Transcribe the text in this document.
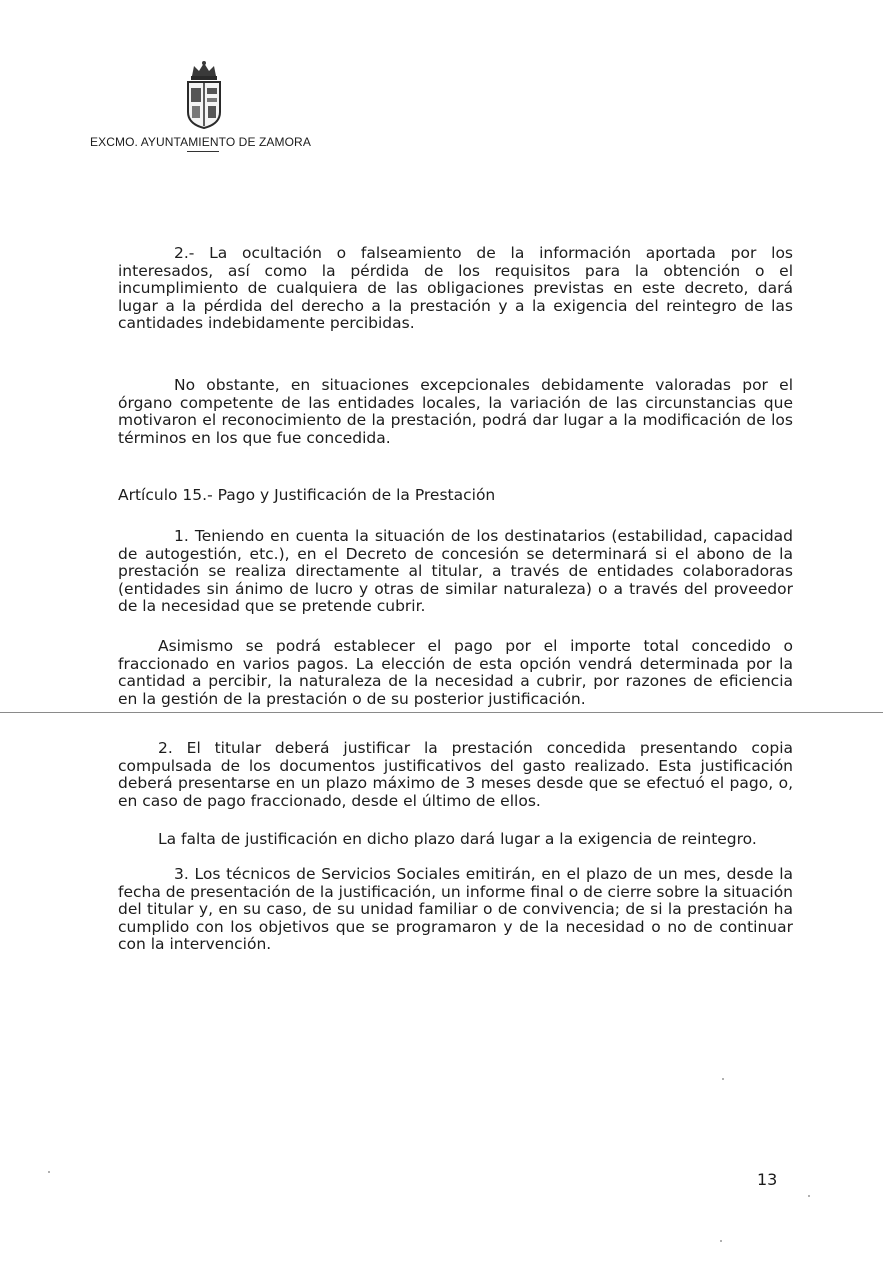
EXCMO. AYUNTAMIENTO DE ZAMORA

2.- La ocultación o falseamiento de la información aportada por los interesados, así como la pérdida de los requisitos para la obtención o el incumplimiento de cualquiera de las obligaciones previstas en este decreto, dará lugar a la pérdida del derecho a la prestación y a la exigencia del reintegro de las cantidades indebidamente percibidas.

No obstante, en situaciones excepcionales debidamente valoradas por el órgano competente de las entidades locales, la variación de las circunstancias que motivaron el reconocimiento de la prestación, podrá dar lugar a la modificación de los términos en los que fue concedida.

Artículo 15.- Pago y Justificación de la Prestación

1. Teniendo en cuenta la situación de los destinatarios (estabilidad, capacidad de autogestión, etc.), en el Decreto de concesión se determinará si el abono de la prestación se realiza directamente al titular, a través de entidades colaboradoras (entidades sin ánimo de lucro y otras de similar naturaleza) o a través del proveedor de la necesidad que se pretende cubrir.

Asimismo se podrá establecer el pago por el importe total concedido o fraccionado en varios pagos. La elección de esta opción vendrá determinada por la cantidad a percibir, la naturaleza de la necesidad a cubrir, por razones de eficiencia en la gestión de la prestación o de su posterior justificación.

2. El titular deberá justificar la prestación concedida presentando copia compulsada de los documentos justificativos del gasto realizado. Esta justificación deberá presentarse en un plazo máximo de 3 meses desde que se efectuó el pago, o, en caso de pago fraccionado, desde el último de ellos.

La falta de justificación en dicho plazo dará lugar a la exigencia de reintegro.

3. Los técnicos de Servicios Sociales emitirán, en el plazo de un mes, desde la fecha de presentación de la justificación, un informe final o de cierre sobre la situación del titular y, en su caso, de su unidad familiar o de convivencia; de si la prestación ha cumplido con los objetivos que se programaron y de la necesidad o no de continuar con la intervención.

13
